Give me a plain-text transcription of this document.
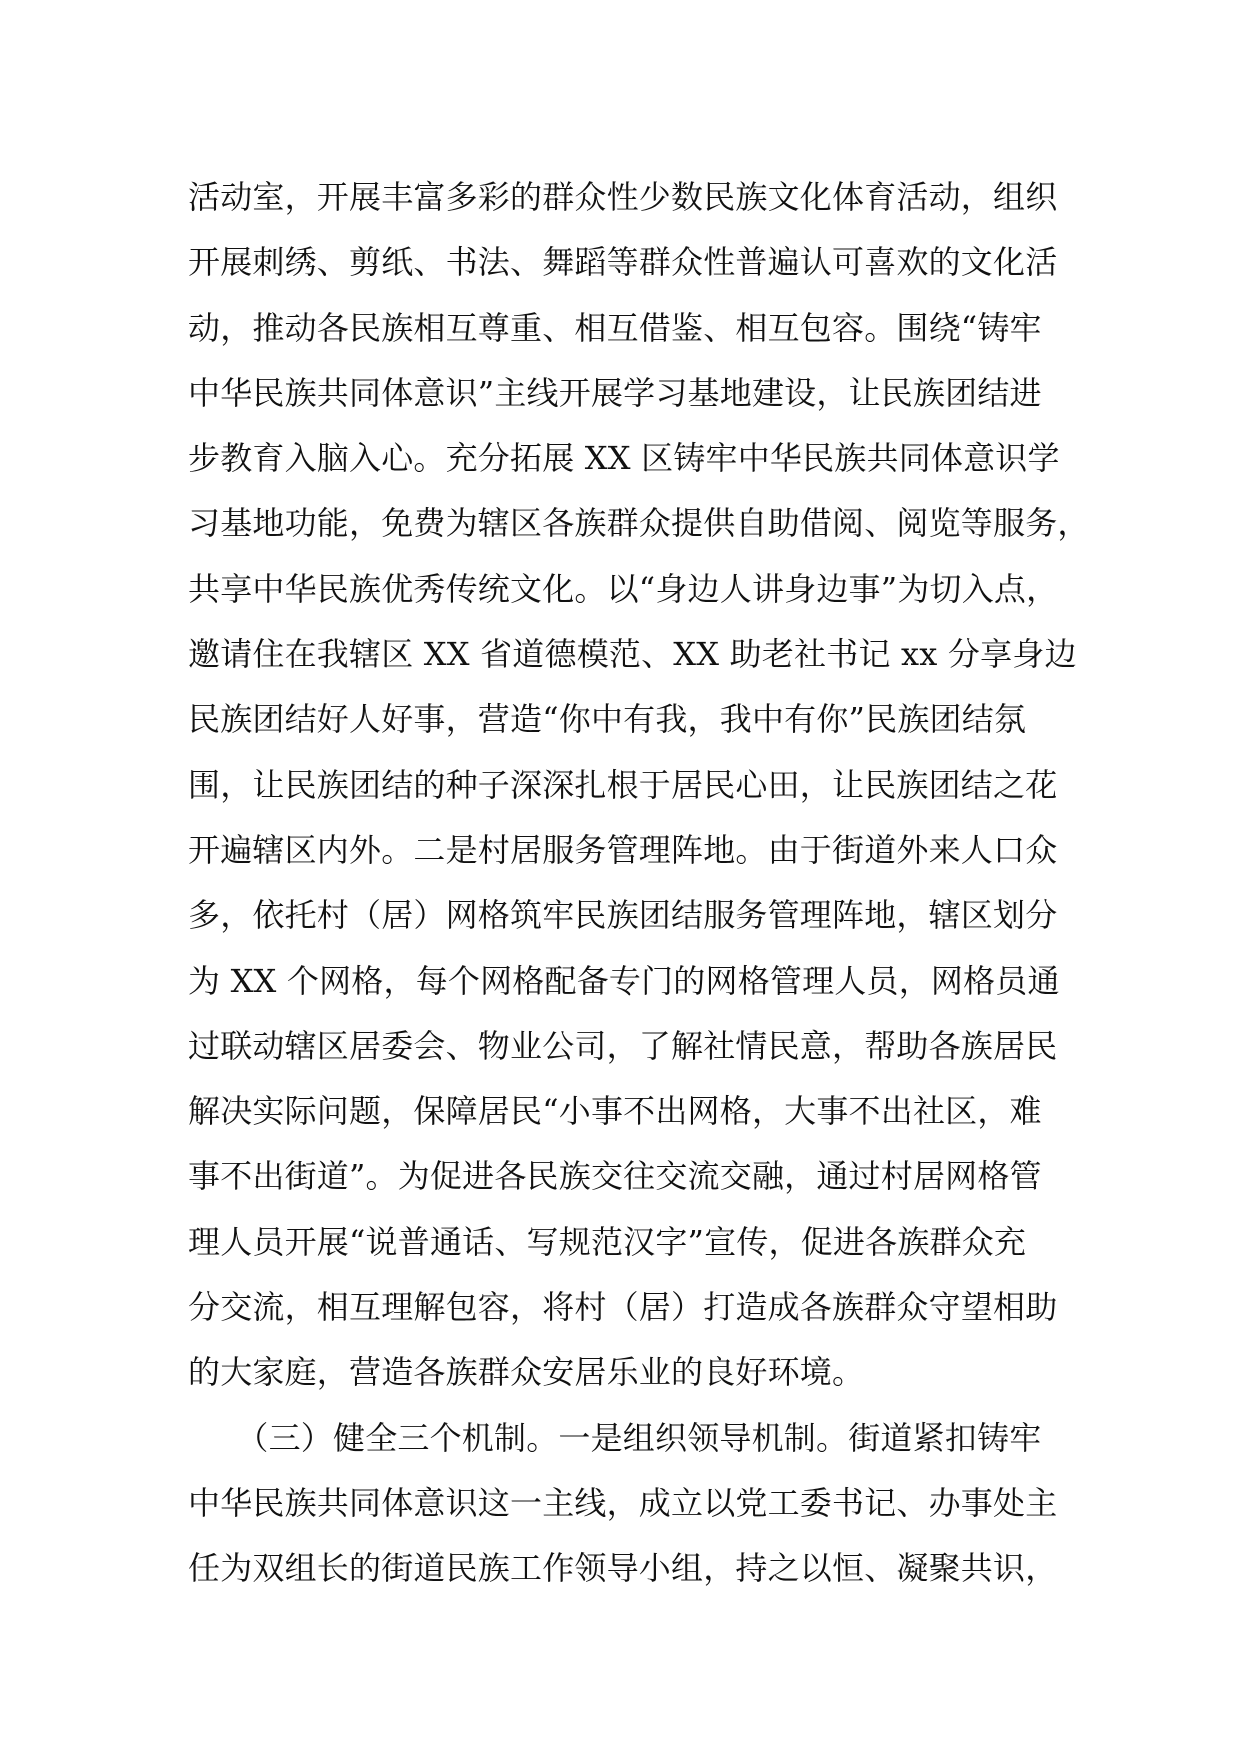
活动室，开展丰富多彩的群众性少数民族文化体育活动，组织
开展刺绣、剪纸、书法、舞蹈等群众性普遍认可喜欢的文化活
动，推动各民族相互尊重、相互借鉴、相互包容。围绕“铸牢
中华民族共同体意识”主线开展学习基地建设，让民族团结进
步教育入脑入心。充分拓展 XX 区铸牢中华民族共同体意识学
习基地功能，免费为辖区各族群众提供自助借阅、阅览等服务，
共享中华民族优秀传统文化。以“身边人讲身边事”为切入点，
邀请住在我辖区 XX 省道德模范、XX 助老社书记 xx 分享身边
民族团结好人好事，营造“你中有我，我中有你”民族团结氛
围，让民族团结的种子深深扎根于居民心田，让民族团结之花
开遍辖区内外。二是村居服务管理阵地。由于街道外来人口众
多，依托村（居）网格筑牢民族团结服务管理阵地，辖区划分
为 XX 个网格，每个网格配备专门的网格管理人员，网格员通
过联动辖区居委会、物业公司，了解社情民意，帮助各族居民
解决实际问题，保障居民“小事不出网格，大事不出社区，难
事不出街道”。为促进各民族交往交流交融，通过村居网格管
理人员开展“说普通话、写规范汉字”宣传，促进各族群众充
分交流，相互理解包容，将村（居）打造成各族群众守望相助
的大家庭，营造各族群众安居乐业的良好环境。
　　（三）健全三个机制。一是组织领导机制。街道紧扣铸牢
中华民族共同体意识这一主线，成立以党工委书记、办事处主
任为双组长的街道民族工作领导小组，持之以恒、凝聚共识，
